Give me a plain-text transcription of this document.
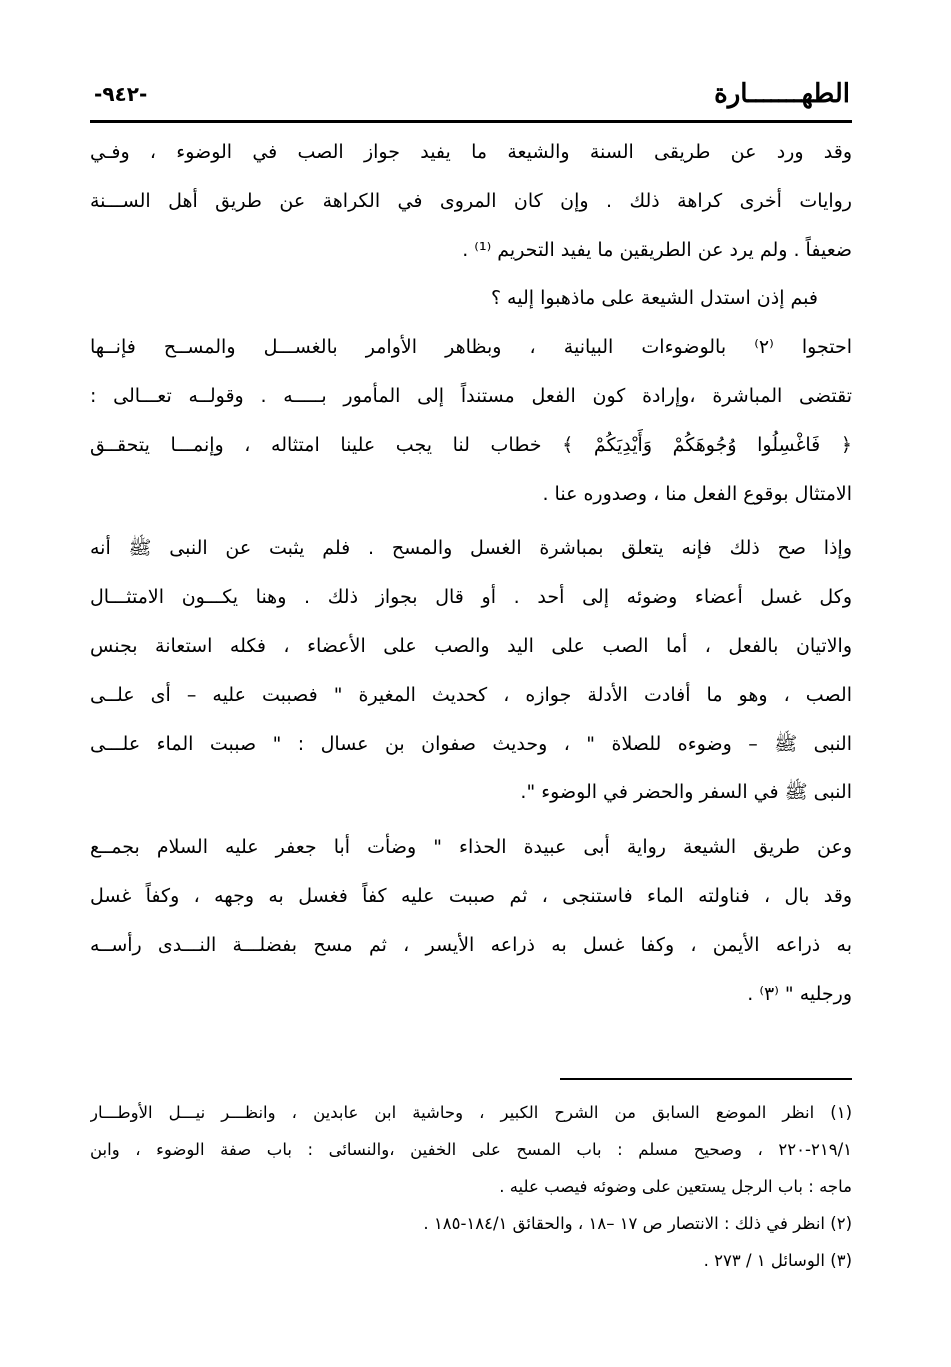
الطهـــــــارة
-٩٤٢-
وقد ورد عن طريقى السنة والشيعة ما يفيد جواز الصب في الوضوء ، وفـي
روايات أخرى كراهة ذلك . وإن كان المروى في الكراهة عن طريق أهل الســـنة
ضعيفاً . ولم يرد عن الطريقين ما يفيد التحريم ⁽¹⁾ .
فبم إذن استدل الشيعة على ماذهبوا إليه ؟
احتجوا ⁽٢⁾ بالوضوءات البيانية ، وبظاهر الأوامر بالغســـل والمســح فإنــها
تقتضى المباشرة ،وإرادة كون الفعل مستنداً إلى المأمور بـــــه . وقولــه تعـــالى :
﴿ فَاغْسِلُوا وُجُوهَكُمْ وَأَيْدِيَكُمْ ﴾ خطاب لنا يجب علينا امتثاله ، وإنمـــا يتحقــق
الامتثال بوقوع الفعل منا ، وصدوره عنا .
وإذا صح ذلك فإنه يتعلق بمباشرة الغسل والمسح . فلم يثبت عن النبى ﷺ أنه
وكل غسل أعضاء وضوئه إلى أحد . أو قال بجواز ذلك . وهنا يكـــون الامتثـــال
والاتيان بالفعل ، أما الصب على اليد والصب على الأعضاء ، فكله استعانة بجنس
الصب ، وهو ما أفادت الأدلة جوازه ، كحديث المغيرة " فصببت عليه – أى علــى
النبى ﷺ – وضوءه للصلاة " ، وحديث صفوان بن عسال : " صببت الماء علـــى
النبى ﷺ في السفر والحضر في الوضوء ".
وعن طريق الشيعة رواية أبى عبيدة الحذاء " وضأت أبا جعفر عليه السلام بجمــع
وقد بال ، فناولته الماء فاستنجى ، ثم صببت عليه كفاً فغسل به وجهه ، وكفاً غسل
به ذراعه الأيمن ، وكفا غسل به ذراعه الأيسر ، ثم مسح بفضلـــة النـــدى رأســه
ورجليه " ⁽٣⁾ .
(١) انظر الموضع السابق من الشرح الكبير ، وحاشية ابن عابدين ، وانظـــر نيـــل الأوطـــار
٢١٩/١-٢٢٠ ، وصحيح مسلم : باب المسح على الخفين ،والنسائى : باب صفة الوضوء ، وابن
ماجه : باب الرجل يستعين على وضوئه فيصب عليه .
(٢) انظر في ذلك : الانتصار ص ١٧ –١٨ ، والحقائق ١٨٤/١-١٨٥ .
(٣) الوسائل ١ / ٢٧٣ .
